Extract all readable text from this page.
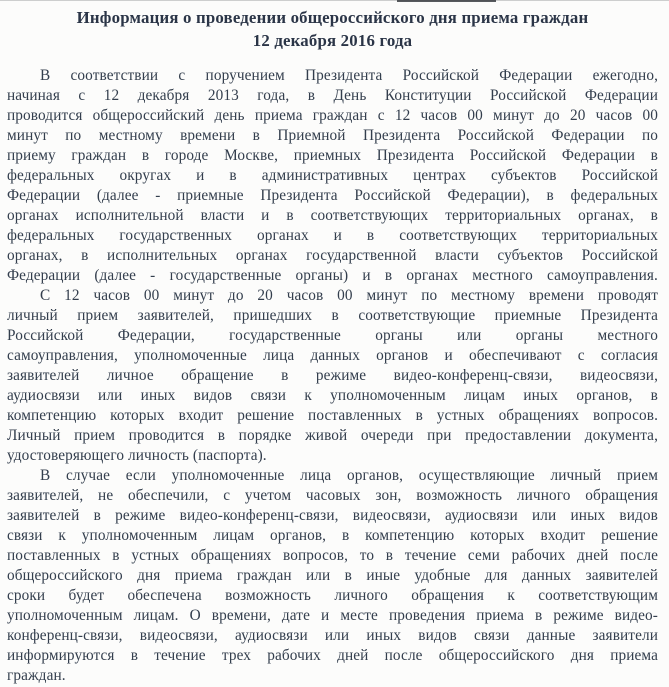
Информация о проведении общероссийского дня приема граждан
12 декабря 2016 года
В соответствии с поручением Президента Российской Федерации ежегодно,
начиная с 12 декабря 2013 года, в День Конституции Российской Федерации
проводится общероссийский день приема граждан с 12 часов 00 минут до 20 часов 00
минут по местному времени в Приемной Президента Российской Федерации по
приему граждан в городе Москве, приемных Президента Российской Федерации в
федеральных округах и в административных центрах субъектов Российской
Федерации (далее - приемные Президента Российской Федерации), в федеральных
органах исполнительной власти и в соответствующих территориальных органах, в
федеральных государственных органах и в соответствующих территориальных
органах, в исполнительных органах государственной власти субъектов Российской
Федерации (далее - государственные органы) и в органах местного самоуправления.
С 12 часов 00 минут до 20 часов 00 минут по местному времени проводят
личный прием заявителей, пришедших в соответствующие приемные Президента
Российской Федерации, государственные органы или органы местного
самоуправления, уполномоченные лица данных органов и обеспечивают с согласия
заявителей личное обращение в режиме видео-конференц-связи, видеосвязи,
аудиосвязи или иных видов связи к уполномоченным лицам иных органов, в
компетенцию которых входит решение поставленных в устных обращениях вопросов.
Личный прием проводится в порядке живой очереди при предоставлении документа,
удостоверяющего личность (паспорта).
В случае если уполномоченные лица органов, осуществляющие личный прием
заявителей, не обеспечили, с учетом часовых зон, возможность личного обращения
заявителей в режиме видео-конференц-связи, видеосвязи, аудиосвязи или иных видов
связи к уполномоченным лицам органов, в компетенцию которых входит решение
поставленных в устных обращениях вопросов, то в течение семи рабочих дней после
общероссийского дня приема граждан или в иные удобные для данных заявителей
сроки будет обеспечена возможность личного обращения к соответствующим
уполномоченным лицам. О времени, дате и месте проведения приема в режиме видео-
конференц-связи, видеосвязи, аудиосвязи или иных видов связи данные заявители
информируются в течение трех рабочих дней после общероссийского дня приема
граждан.
